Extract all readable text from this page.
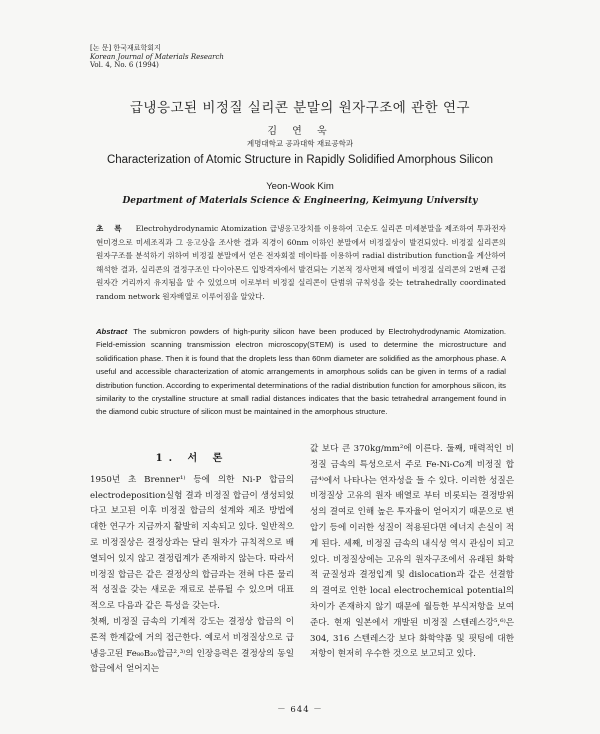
[논 문] 한국재료학회지
Korean Journal of Materials Research
Vol. 4, No. 6 (1994)
급냉응고된 비정질 실리콘 분말의 원자구조에 관한 연구
김 연 욱
계명대학교 공과대학 재료공학과
Characterization of Atomic Structure in Rapidly Solidified Amorphous Silicon
Yeon-Wook Kim
Department of Materials Science & Engineering, Keimyung University
초 록 Electrohydrodynamic Atomization 급냉응고장치를 이용하여 고순도 실리콘 미세분말을 제조하여 투과전자현미경으로 미세조직과 그 응고상을 조사한 결과 직경이 60nm 이하인 분말에서 비정질상이 발견되었다. 비정질 실리콘의 원자구조를 분석하기 위하여 비정질 분말에서 얻은 전자회절 데이타를 이용하여 radial distribution function을 계산하여 해석한 결과, 실리콘의 결정구조인 다이아몬드 입방격자에서 발견되는 기본적 정사면체 배열이 비정질 실리콘의 2번째 근접원자간 거리까지 유지됨을 알 수 있었으며 이로부터 비정질 실리콘이 단범위 규칙성을 갖는 tetrahedrally coordinated random network 원자배열로 이루어짐을 알았다.
Abstract The submicron powders of high-purity silicon have been produced by Electrohydrodynamic Atomization. Field-emission scanning transmission electron microscopy(STEM) is used to determine the microstructure and solidification phase. Then it is found that the droplets less than 60nm diameter are solidified as the amorphous phase. A useful and accessible characterization of atomic arrangements in amorphous solids can be given in terms of a radial distribution function. According to experimental determinations of the radial distribution function for amorphous silicon, its similarity to the crystalline structure at small radial distances indicates that the basic tetrahedral arrangement found in the diamond cubic structure of silicon must be maintained in the amorphous structure.
1. 서 론
1950년 초 Brenner¹⁾ 등에 의한 Ni-P 합금의 electrodeposition실험 결과 비정질 합금이 생성되었다고 보고된 이후 비정질 합금의 설계와 제조 방법에 대한 연구가 지금까지 활발히 지속되고 있다. 일반적으로 비정질상은 결정상과는 달리 원자가 규칙적으로 배열되어 있지 않고 결정립계가 존재하지 않는다. 따라서 비정질 합금은 같은 결정상의 합금과는 전혀 다른 물리적 성질을 갖는 새로운 재료로 분류될 수 있으며 대표적으로 다음과 같은 특성을 갖는다.
첫째, 비정질 금속의 기계적 강도는 결정상 합금의 이론적 한계값에 거의 접근한다. 예로서 비정질상으로 급냉응고된 Fe₈₀B₂₀합금²,³⁾의 인장응력은 결정상의 동일 합금에서 얻어지는
값 보다 큰 370kg/mm²에 이른다. 둘째, 매력적인 비정질 금속의 특성으로서 주로 Fe-Ni-Co계 비정질 합금⁴⁾에서 나타나는 연자성을 들 수 있다. 이러한 성질은 비정질상 고유의 원자 배열로 부터 비롯되는 결정방위성의 결여로 인해 높은 투자율이 얻어지기 때문으로 변압기 등에 이러한 성질이 적용된다면 에너지 손실이 적게 된다. 세째, 비정질 금속의 내식성 역시 관심이 되고 있다. 비정질상에는 고유의 원자구조에서 유래된 화학적 균질성과 결정입계 및 dislocation과 같은 선결함의 결여로 인한 local electrochemical potential의 차이가 존재하지 않기 때문에 월등한 부식저항을 보여 준다. 현재 일본에서 개발된 비정질 스텐레스강⁵,⁶⁾은 304, 316 스텐레스강 보다 화학약품 및 핏팅에 대한 저항이 현저히 우수한 것으로 보고되고 있다.
－ 644 －
